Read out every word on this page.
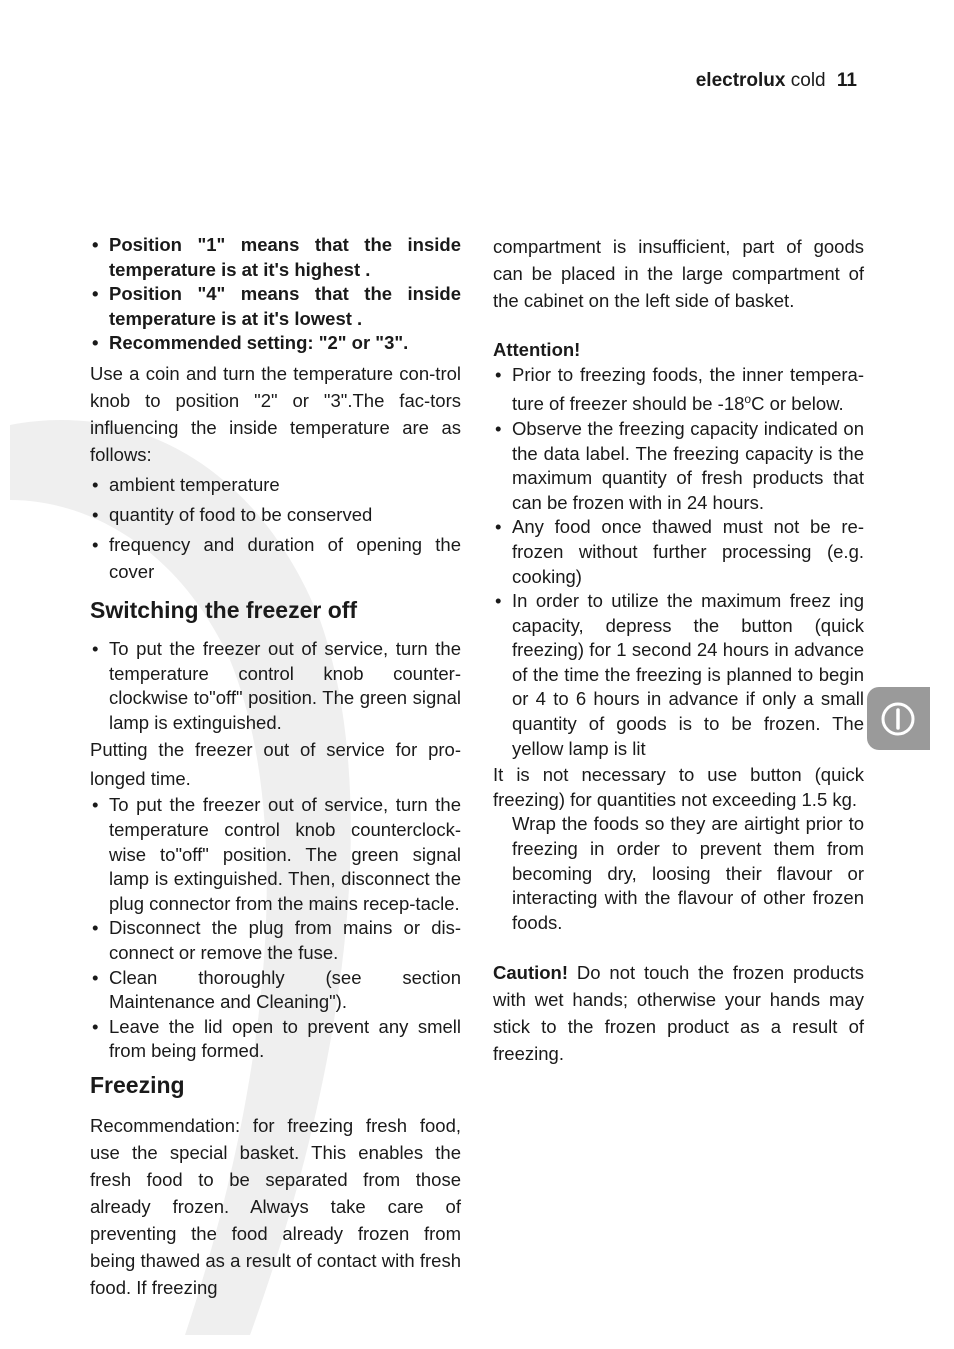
electrolux cold 11
• Position "1" means that the inside temperature is at it's highest .
• Position "4" means that the inside temperature is at it's lowest .
• Recommended setting: "2" or "3".

Use a coin and turn the temperature con-trol knob to position "2" or "3".The fac-tors influencing the inside temperature are as follows:

• ambient temperature
• quantity of food to be conserved
• frequency and duration of opening the cover
Switching the freezer off
• To put the freezer out of service, turn the temperature control knob counter-clockwise to"off" position. The green signal lamp is extinguished.

Putting the freezer out of service for pro-longed time.

• To put the freezer out of service, turn the temperature control knob counterclock-wise to"off" position. The green signal lamp is extinguished. Then, disconnect the plug connector from the mains recep-tacle.
• Disconnect the plug from mains or dis-connect or remove the fuse.
• Clean thoroughly (see section Maintenance and Cleaning").
• Leave the lid open to prevent any smell from being formed.
Freezing

Recommendation: for freezing fresh food, use the special basket. This enables the fresh food to be separated from those already frozen. Always take care of preventing the food already frozen from being thawed as a result of contact with fresh food. If freezing

compartment is insufficient, part of goods can be placed in the large compartment of the cabinet on the left side of basket.

Attention!

• Prior to freezing foods, the inner tempera-ture of freezer should be -18$^o$C or below.
• Observe the freezing capacity indicated on the data label. The freezing capacity is the maximum quantity of fresh products that can be frozen with in 24 hours.
• Any food once thawed must not be re-frozen without further processing (e.g. cooking)
• In order to utilize the maximum freez ing capacity, depress the button (quick freezing) for 1 second 24 hours in advance of the time the freezing is planned to begin or 4 to 6 hours in advance if only a small quantity of goods is to be frozen. The yellow lamp is lit

It is not necessary to use button (quick freezing) for quantities not exceeding 1.5 kg.

Wrap the foods so they are airtight prior to freezing in order to prevent them from becoming dry, loosing their flavour or interacting with the flavour of other frozen foods.

Caution! Do not touch the frozen products with wet hands; otherwise your hands may stick to the frozen product as a result of freezing.
